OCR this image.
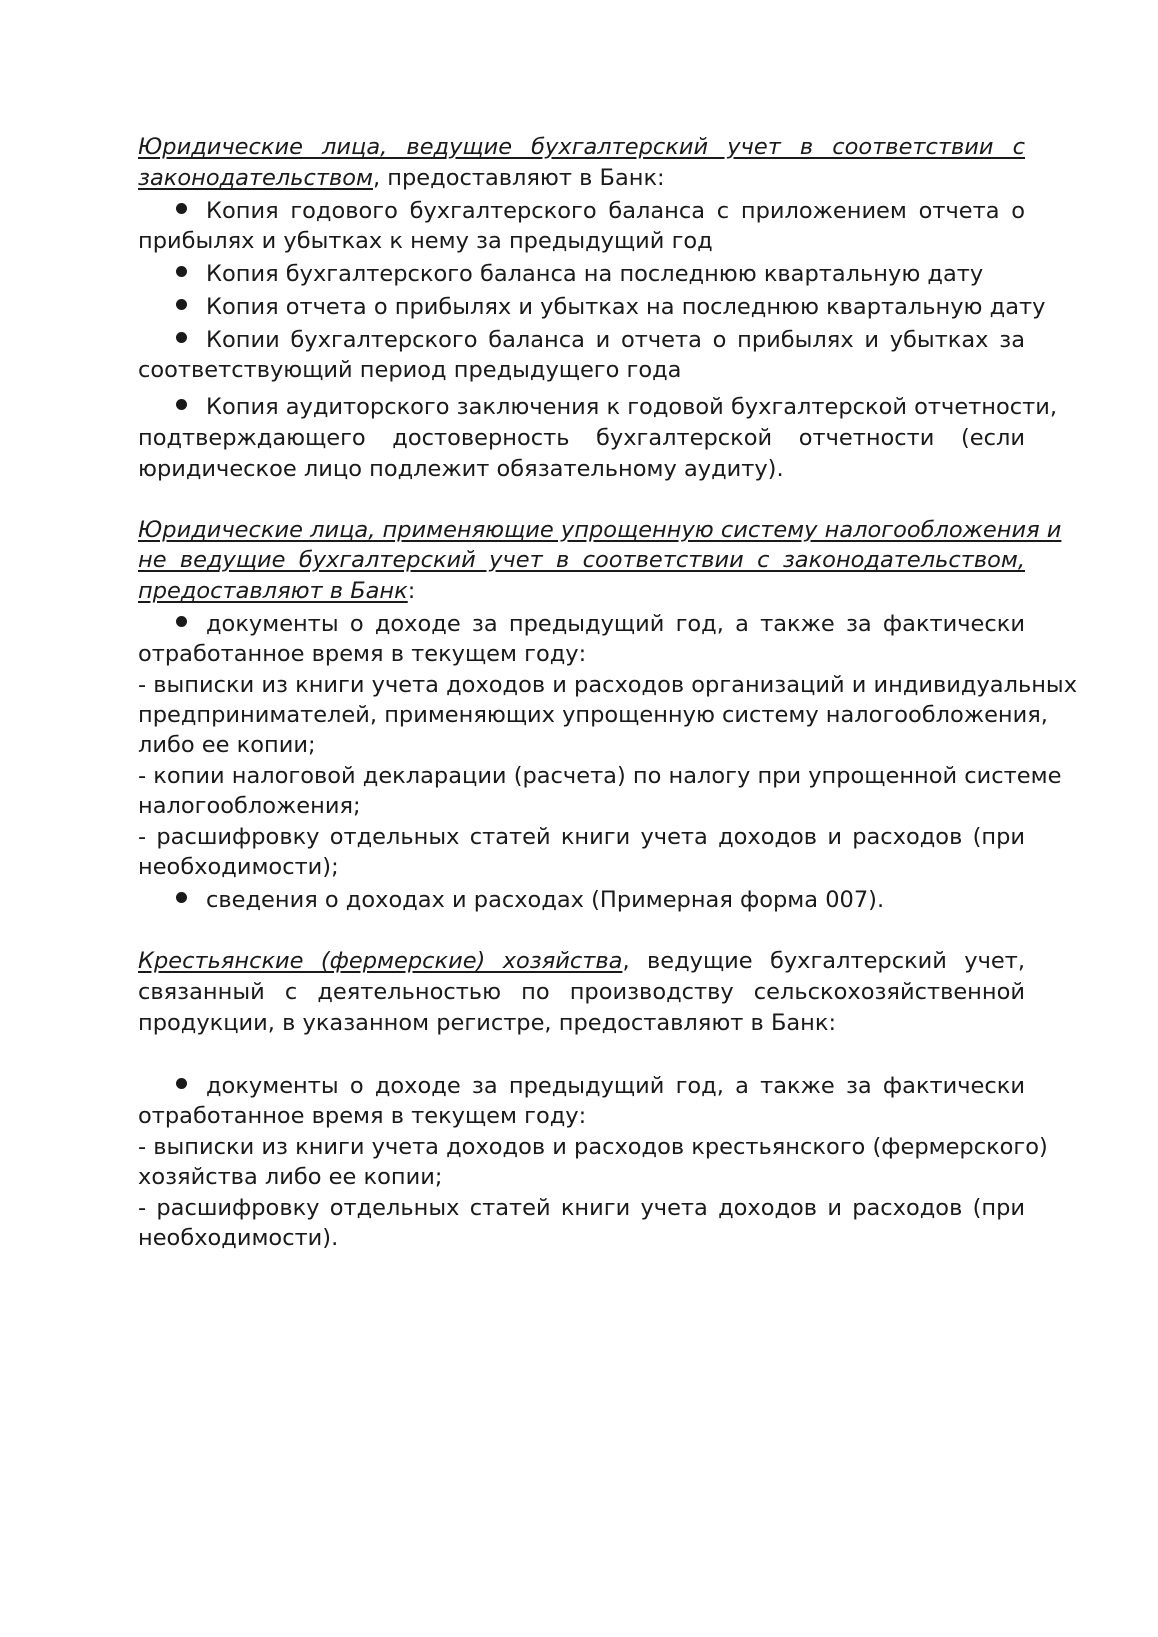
Юридические лица, ведущие бухгалтерский учет в соответствии с
законодательством, предоставляют в Банк:
Копия годового бухгалтерского баланса с приложением отчета о
прибылях и убытках к нему за предыдущий год
Копия бухгалтерского баланса на последнюю квартальную дату
Копия отчета о прибылях и убытках на последнюю квартальную дату
Копии бухгалтерского баланса и отчета о прибылях и убытках за
соответствующий период предыдущего года
Копия аудиторского заключения к годовой бухгалтерской отчетности,
подтверждающего достоверность бухгалтерской отчетности (если
юридическое лицо подлежит обязательному аудиту).
Юридические лица, применяющие упрощенную систему налогообложения и
не ведущие бухгалтерский учет в соответствии с законодательством,
предоставляют в Банк:
документы о доходе за предыдущий год, а также за фактически
отработанное время в текущем году:
- выписки из книги учета доходов и расходов организаций и индивидуальных
предпринимателей, применяющих упрощенную систему налогообложения,
либо ее копии;
- копии налоговой декларации (расчета) по налогу при упрощенной системе
налогообложения;
- расшифровку отдельных статей книги учета доходов и расходов (при
необходимости);
сведения о доходах и расходах (Примерная форма 007).
Крестьянские (фермерские) хозяйства, ведущие бухгалтерский учет,
связанный с деятельностью по производству сельскохозяйственной
продукции, в указанном регистре, предоставляют в Банк:
документы о доходе за предыдущий год, а также за фактически
отработанное время в текущем году:
- выписки из книги учета доходов и расходов крестьянского (фермерского)
хозяйства либо ее копии;
- расшифровку отдельных статей книги учета доходов и расходов (при
необходимости).
